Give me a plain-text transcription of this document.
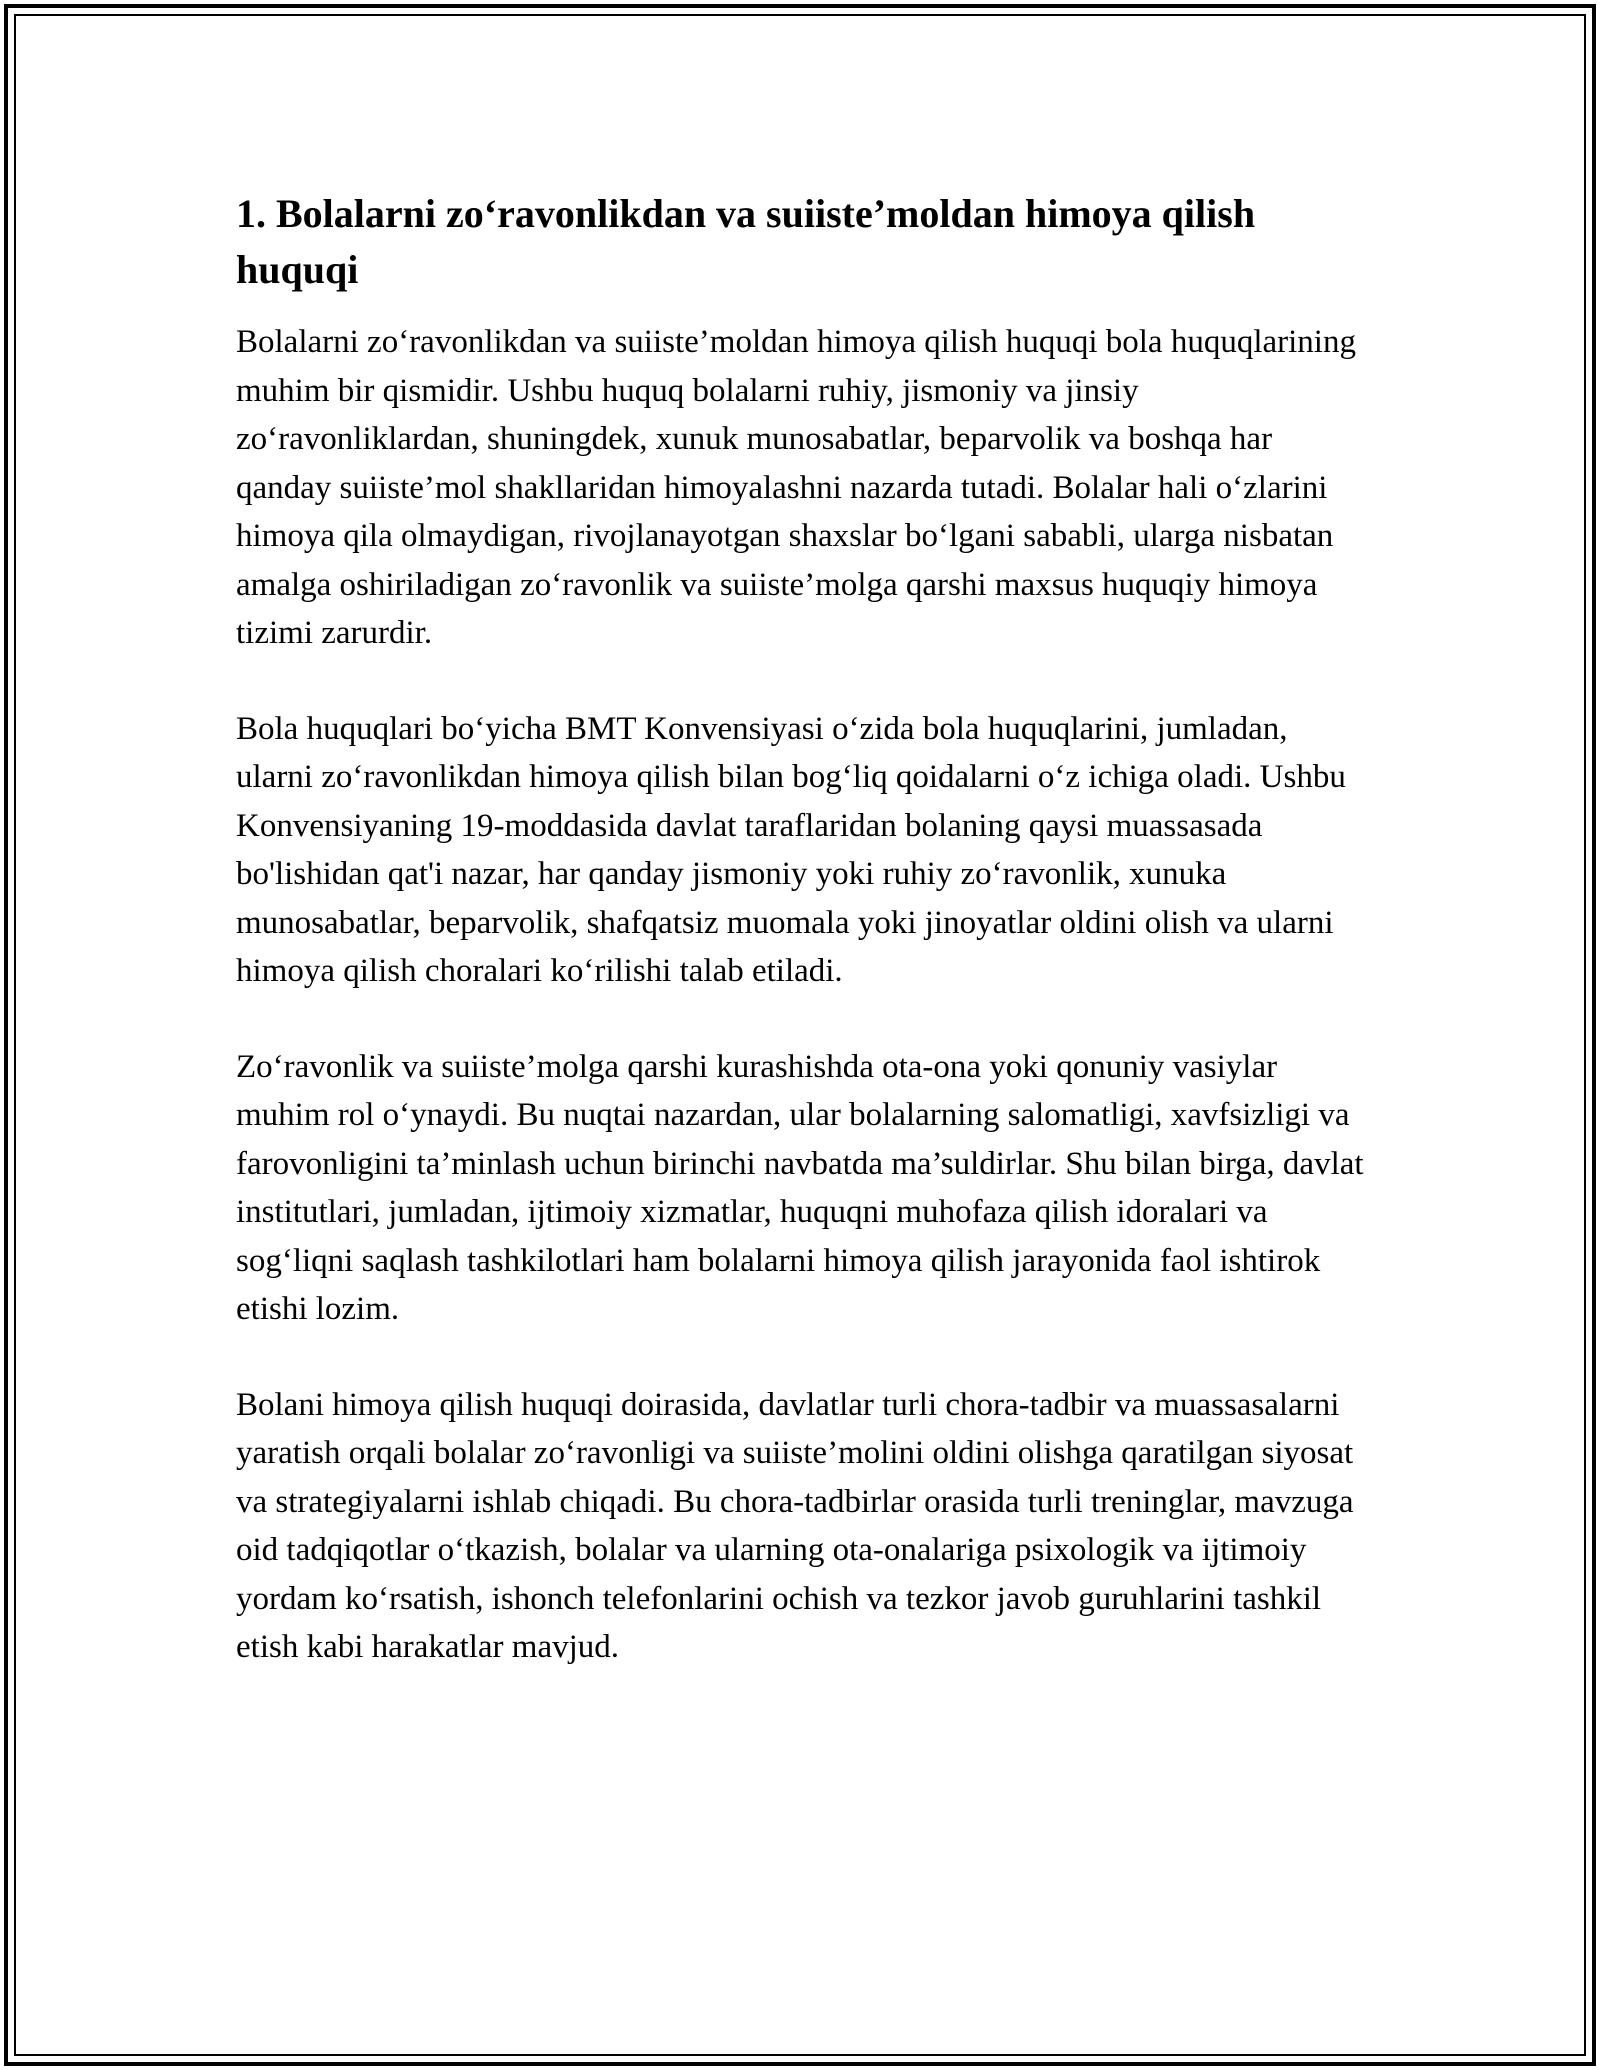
1. Bolalarni zo‘ravonlikdan va suiiste’moldan himoya qilish huquqi

Bolalarni zo‘ravonlikdan va suiiste’moldan himoya qilish huquqi bola huquqlarining muhim bir qismidir. Ushbu huquq bolalarni ruhiy, jismoniy va jinsiy zo‘ravonliklardan, shuningdek, xunuk munosabatlar, beparvolik va boshqa har qanday suiiste’mol shakllaridan himoyalashni nazarda tutadi. Bolalar hali o‘zlarini himoya qila olmaydigan, rivojlanayotgan shaxslar bo‘lgani sababli, ularga nisbatan amalga oshiriladigan zo‘ravonlik va suiiste’molga qarshi maxsus huquqiy himoya tizimi zarurdir.

Bola huquqlari bo‘yicha BMT Konvensiyasi o‘zida bola huquqlarini, jumladan, ularni zo‘ravonlikdan himoya qilish bilan bog‘liq qoidalarni o‘z ichiga oladi. Ushbu Konvensiyaning 19-moddasida davlat taraflaridan bolaning qaysi muassasada bo'lishidan qat'i nazar, har qanday jismoniy yoki ruhiy zo‘ravonlik, xunuka munosabatlar, beparvolik, shafqatsiz muomala yoki jinoyatlar oldini olish va ularni himoya qilish choralari ko‘rilishi talab etiladi.

Zo‘ravonlik va suiiste’molga qarshi kurashishda ota-ona yoki qonuniy vasiylar muhim rol o‘ynaydi. Bu nuqtai nazardan, ular bolalarning salomatligi, xavfsizligi va farovonligini ta’minlash uchun birinchi navbatda ma’suldirlar. Shu bilan birga, davlat institutlari, jumladan, ijtimoiy xizmatlar, huquqni muhofaza qilish idoralari va sog‘liqni saqlash tashkilotlari ham bolalarni himoya qilish jarayonida faol ishtirok etishi lozim.

Bolani himoya qilish huquqi doirasida, davlatlar turli chora-tadbir va muassasalarni yaratish orqali bolalar zo‘ravonligi va suiiste’molini oldini olishga qaratilgan siyosat va strategiyalarni ishlab chiqadi. Bu chora-tadbirlar orasida turli treninglar, mavzuga oid tadqiqotlar o‘tkazish, bolalar va ularning ota-onalariga psixologik va ijtimoiy yordam ko‘rsatish, ishonch telefonlarini ochish va tezkor javob guruhlarini tashkil etish kabi harakatlar mavjud.
